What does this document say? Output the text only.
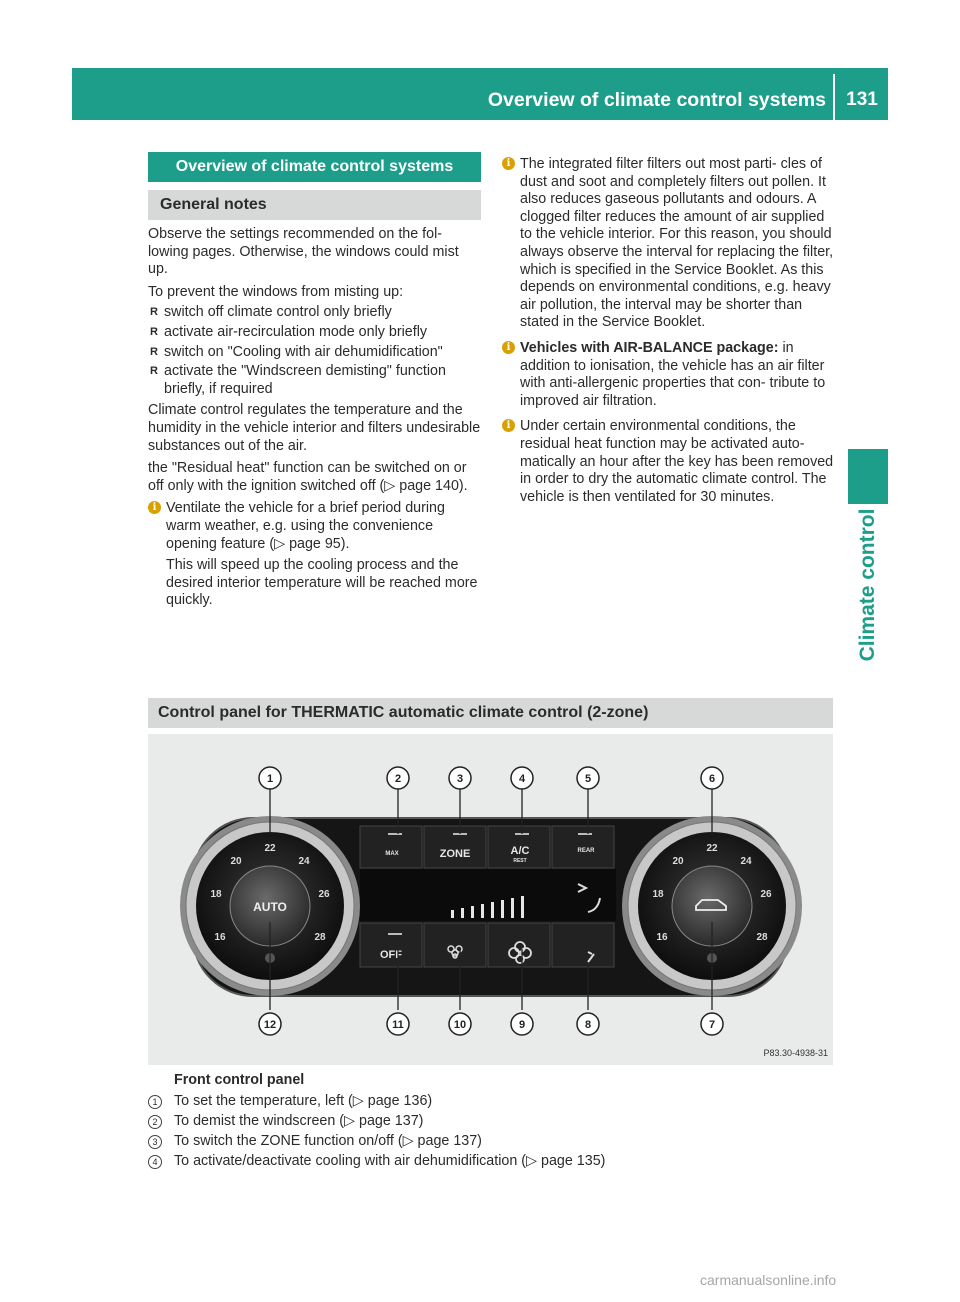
Overview of climate control systems	131
Climate control
Overview of climate control systems
General notes

Observe the settings recommended on the fol- lowing pages. Otherwise, the windows could mist up.

To prevent the windows from misting up:

R switch off climate control only briefly
R activate air-recirculation mode only briefly
R switch on "Cooling with air dehumidification"
R activate the "Windscreen demisting" function briefly, if required

Climate control regulates the temperature and the humidity in the vehicle interior and filters undesirable substances out of the air.

the "Residual heat" function can be switched on or off only with the ignition switched off (▷ page 140).

i Ventilate the vehicle for a brief period during warm weather, e.g. using the convenience opening feature (▷ page 95).
This will speed up the cooling process and the desired interior temperature will be reached more quickly.
i The integrated filter filters out most parti- cles of dust and soot and completely filters out pollen. It also reduces gaseous pollutants and odours. A clogged filter reduces the amount of air supplied to the vehicle interior. For this reason, you should always observe the interval for replacing the filter, which is specified in the Service Booklet. As this depends on environmental conditions, e.g. heavy air pollution, the interval may be shorter than stated in the Service Booklet.
i Vehicles with AIR-BALANCE package: in addition to ionisation, the vehicle has an air filter with anti-allergenic properties that con- tribute to improved air filtration.
i Under certain environmental conditions, the residual heat function may be activated auto- matically an hour after the key has been removed in order to dry the automatic climate control. The vehicle is then ventilated for 30 minutes.
Control panel for THERMATIC automatic climate control (2-zone)
MAX	ZONE	A/C
REST
REAR
OFF
AUTO
16
18
20
22
24
26
28	16
18
20
22
24
26
28
1	2	3	4	5	6
7
8
9
10
11
12
P83.30-4938-31
Front control panel
1	To set the temperature, left (▷ page 136)
2	To demist the windscreen (▷ page 137)
3	To switch the ZONE function on/off (▷ page 137)
4	To activate/deactivate cooling with air dehumidification (▷ page 135)
carmanualsonline.info
